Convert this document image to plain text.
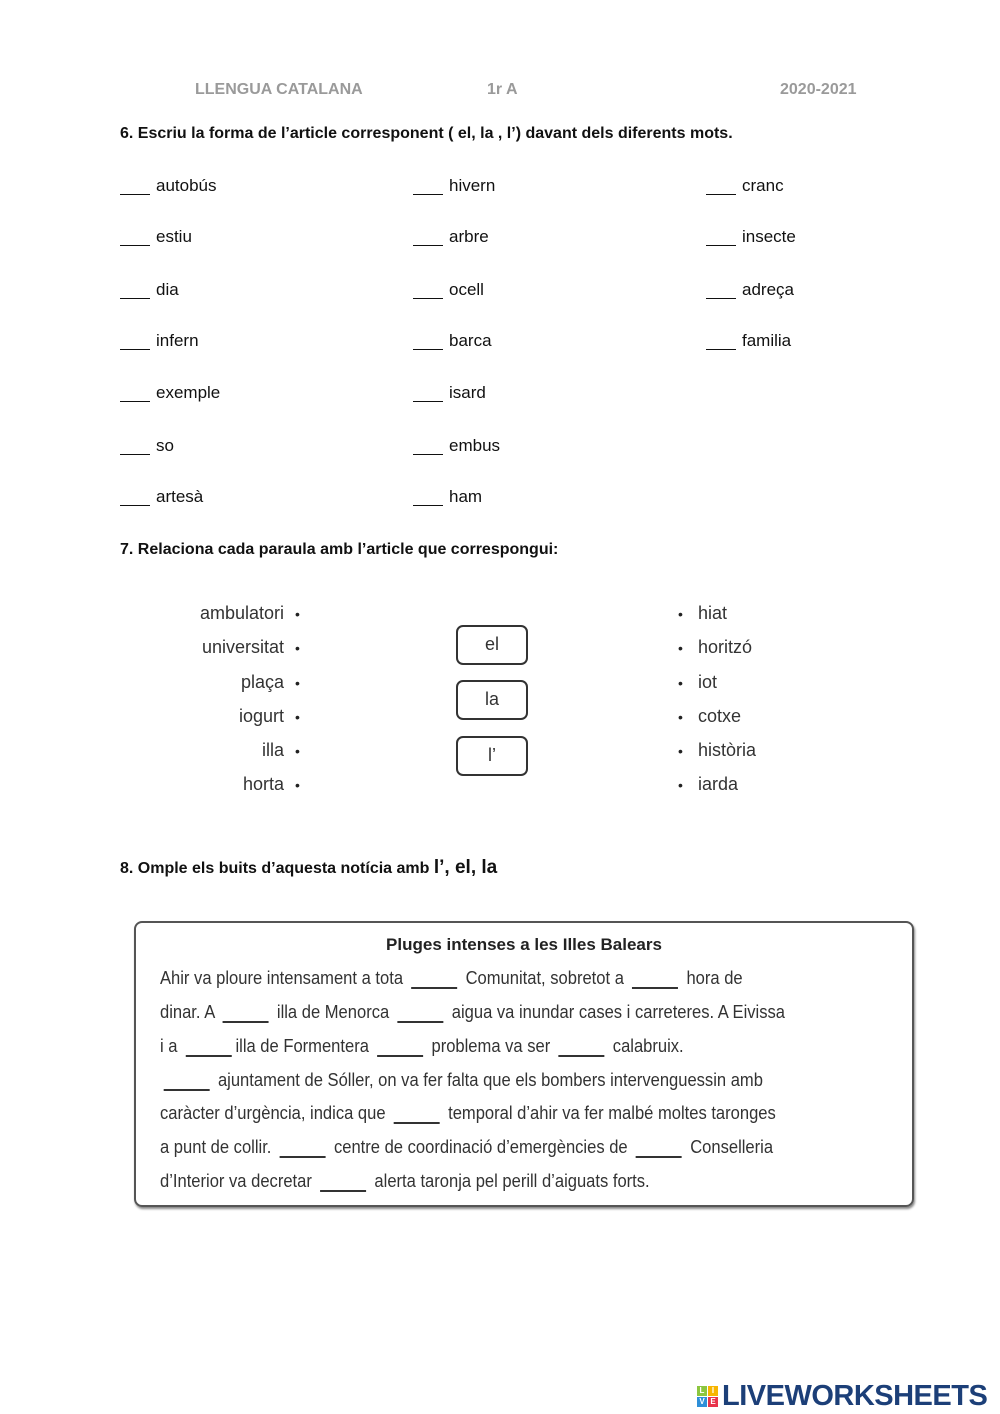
LLENGUA CATALANA	1r A	2020-2021
6. Escriu la forma de l’article corresponent ( el, la , l’) davant dels diferents mots.
autobús
estiu
dia
infern
exemple
so
artesà
hivern
arbre
ocell
barca
isard
embus
ham
cranc
insecte
adreça
familia
7. Relaciona cada paraula amb l’article que correspongui:
ambulatori •
universitat •
plaça •
iogurt •
illa •
horta •
• hiat
• horitzó
• iot
• cotxe
• història
• iarda
el
la
l’
8. Omple els buits d’aquesta notícia amb l’, el, la
Pluges intenses a les Illes Balears
Ahir va ploure intensament a tota	Comunitat, sobretot a	hora de
dinar. A	illa de Menorca	aigua va inundar cases i carreteres. A Eivissa
i a	illa de Formentera	problema va ser	calabruix.
ajuntament de Sóller, on va fer falta que els bombers intervenguessin amb
caràcter d’urgència, indica que	temporal d’ahir va fer malbé moltes taronges
a punt de collir.	centre de coordinació d’emergències de	Conselleria
d’Interior va decretar	alerta taronja pel perill d’aiguats forts.
L I
V E LIVEWORKSHEETS
